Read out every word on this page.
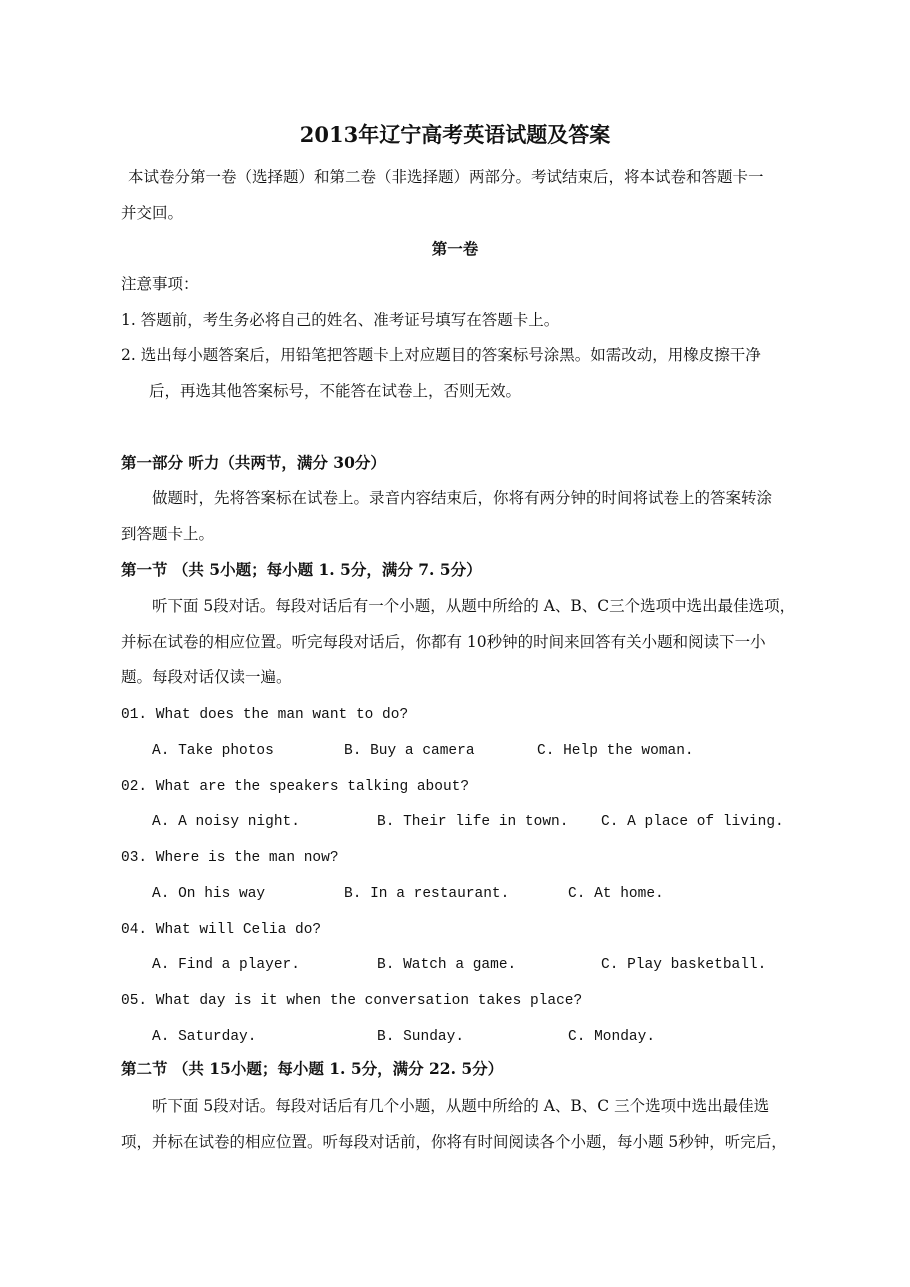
2013年辽宁高考英语试题及答案
本试卷分第一卷（选择题）和第二卷（非选择题）两部分。考试结束后，将本试卷和答题卡一
并交回。
第一卷
注意事项：
1. 答题前，考生务必将自己的姓名、准考证号填写在答题卡上。
2. 选出每小题答案后，用铅笔把答题卡上对应题目的答案标号涂黑。如需改动，用橡皮擦干净
后，再选其他答案标号，不能答在试卷上，否则无效。
第一部分 听力（共两节，满分 30分）
做题时，先将答案标在试卷上。录音内容结束后，你将有两分钟的时间将试卷上的答案转涂
到答题卡上。
第一节 （共 5小题；每小题 1. 5分，满分 7. 5分）
听下面 5段对话。每段对话后有一个小题，从题中所给的 A、B、C三个选项中选出最佳选项，
并标在试卷的相应位置。听完每段对话后，你都有 10秒钟的时间来回答有关小题和阅读下一小
题。每段对话仅读一遍。
01. What does the man want to do?
A. Take photos	B. Buy a camera	C. Help the woman.
02. What are the speakers talking about?
A. A noisy night.	B. Their life in town. C. A place of living.
03. Where is the man now?
A. On his way	B. In a restaurant.	C. At home.
04. What will Celia do?
A. Find a player.	B. Watch a game.	C. Play basketball.
05. What day is it when the conversation takes place?
A. Saturday.	B. Sunday.	C. Monday.
第二节 （共 15小题；每小题 1. 5分，满分 22. 5分）
听下面 5段对话。每段对话后有几个小题，从题中所给的 A、B、C 三个选项中选出最佳选
项，并标在试卷的相应位置。听每段对话前，你将有时间阅读各个小题，每小题 5秒钟，听完后，
